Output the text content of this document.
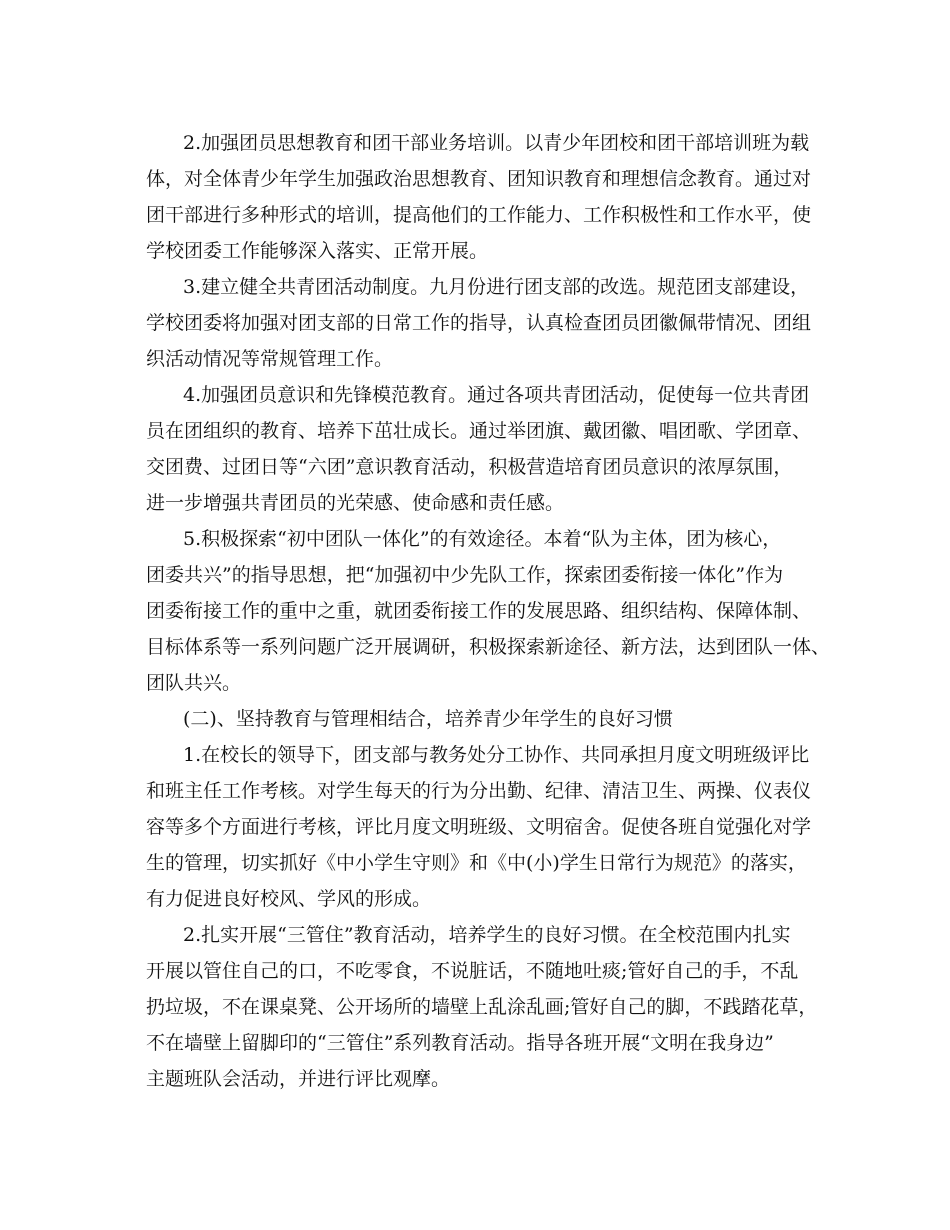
2.加强团员思想教育和团干部业务培训。以青少年团校和团干部培训班为载
体，对全体青少年学生加强政治思想教育、团知识教育和理想信念教育。通过对
团干部进行多种形式的培训，提高他们的工作能力、工作积极性和工作水平，使
学校团委工作能够深入落实、正常开展。
3.建立健全共青团活动制度。九月份进行团支部的改选。规范团支部建设，
学校团委将加强对团支部的日常工作的指导，认真检查团员团徽佩带情况、团组
织活动情况等常规管理工作。
4.加强团员意识和先锋模范教育。通过各项共青团活动，促使每一位共青团
员在团组织的教育、培养下茁壮成长。通过举团旗、戴团徽、唱团歌、学团章、
交团费、过团日等“六团”意识教育活动，积极营造培育团员意识的浓厚氛围，
进一步增强共青团员的光荣感、使命感和责任感。
5.积极探索“初中团队一体化”的有效途径。本着“队为主体，团为核心，
团委共兴”的指导思想，把“加强初中少先队工作，探索团委衔接一体化”作为
团委衔接工作的重中之重，就团委衔接工作的发展思路、组织结构、保障体制、
目标体系等一系列问题广泛开展调研，积极探索新途径、新方法，达到团队一体、
团队共兴。
(二)、坚持教育与管理相结合，培养青少年学生的良好习惯
1.在校长的领导下，团支部与教务处分工协作、共同承担月度文明班级评比
和班主任工作考核。对学生每天的行为分出勤、纪律、清洁卫生、两操、仪表仪
容等多个方面进行考核，评比月度文明班级、文明宿舍。促使各班自觉强化对学
生的管理，切实抓好《中小学生守则》和《中(小)学生日常行为规范》的落实，
有力促进良好校风、学风的形成。
2.扎实开展“三管住”教育活动，培养学生的良好习惯。在全校范围内扎实
开展以管住自己的口，不吃零食，不说脏话，不随地吐痰;管好自己的手，不乱
扔垃圾，不在课桌凳、公开场所的墙壁上乱涂乱画;管好自己的脚，不践踏花草，
不在墙壁上留脚印的“三管住”系列教育活动。指导各班开展“文明在我身边”
主题班队会活动，并进行评比观摩。
